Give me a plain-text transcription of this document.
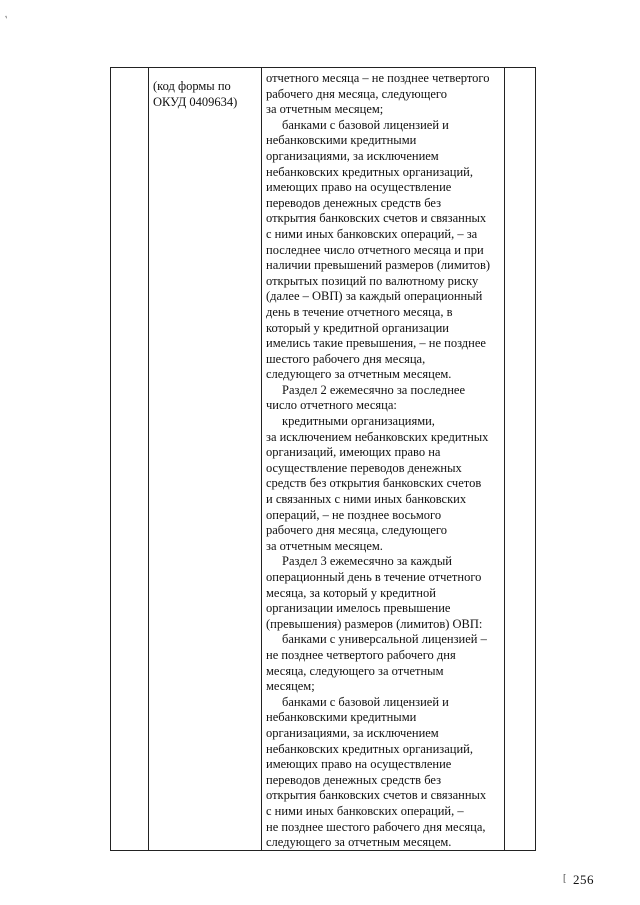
'
(код формы по ОКУД 0409634)
отчетного месяца – не позднее четвертого
рабочего дня месяца, следующего
за отчетным месяцем;
банками с базовой лицензией и
небанковскими кредитными
организациями, за исключением
небанковских кредитных организаций,
имеющих право на осуществление
переводов денежных средств без
открытия банковских счетов и связанных
с ними иных банковских операций, – за
последнее число отчетного месяца и при
наличии превышений размеров (лимитов)
открытых позиций по валютному риску
(далее – ОВП) за каждый операционный
день в течение отчетного месяца, в
который у кредитной организации
имелись такие превышения, – не позднее
шестого рабочего дня месяца,
следующего за отчетным месяцем.
Раздел 2 ежемесячно за последнее
число отчетного месяца:
кредитными организациями,
за исключением небанковских кредитных
организаций, имеющих право на
осуществление переводов денежных
средств без открытия банковских счетов
и связанных с ними иных банковских
операций, – не позднее восьмого
рабочего дня месяца, следующего
за отчетным месяцем.
Раздел 3 ежемесячно за каждый
операционный день в течение отчетного
месяца, за который у кредитной
организации имелось превышение
(превышения) размеров (лимитов) ОВП:
банками с универсальной лицензией –
не позднее четвертого рабочего дня
месяца, следующего за отчетным
месяцем;
банками с базовой лицензией и
небанковскими кредитными
организациями, за исключением
небанковских кредитных организаций,
имеющих право на осуществление
переводов денежных средств без
открытия банковских счетов и связанных
с ними иных банковских операций, –
не позднее шестого рабочего дня месяца,
следующего за отчетным месяцем.
[ 256
